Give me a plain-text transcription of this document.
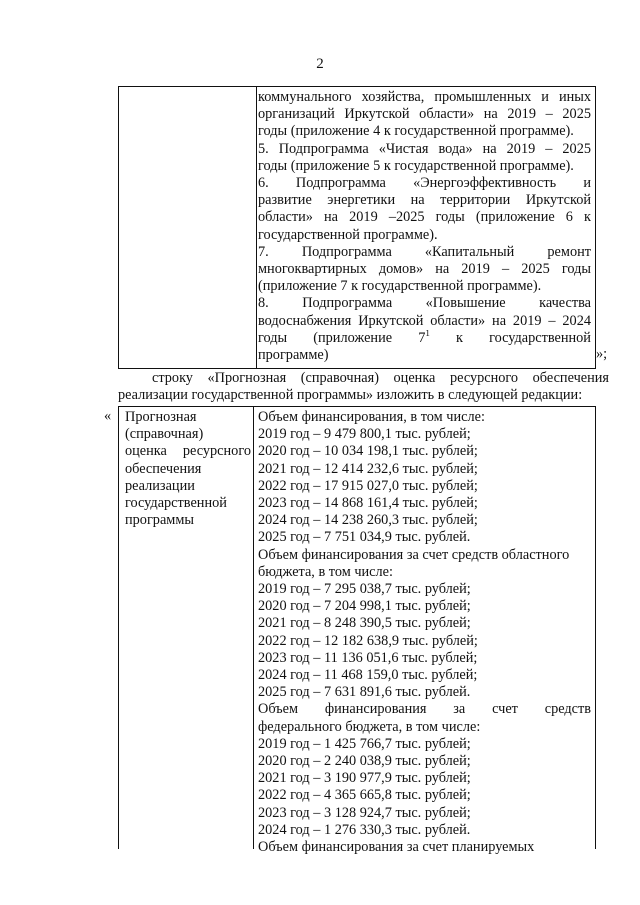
2
коммунального хозяйства, промышленных и иных
организаций Иркутской области» на 2019 – 2025
годы (приложение 4 к государственной программе).
5. Подпрограмма «Чистая вода» на 2019 – 2025
годы (приложение 5 к государственной программе).
6. Подпрограмма «Энергоэффективность и
развитие энергетики на территории Иркутской
области» на 2019 –2025 годы (приложение 6 к
государственной программе).
7. Подпрограмма «Капитальный ремонт
многоквартирных домов» на 2019 – 2025 годы
(приложение 7 к государственной программе).
8. Подпрограмма «Повышение качества
водоснабжения Иркутской области» на 2019 – 2024
годы (приложение $7^1$ к государственной
программе)	»;
строку «Прогнозная (справочная) оценка ресурсного обеспечения
реализации государственной программы» изложить в следующей редакции:
« Прогнозная
(справочная)
оценка ресурсного
обеспечения
реализации
государственной
программы
Объем финансирования, в том числе:
2019 год – 9 479 800,1 тыс. рублей;
2020 год – 10 034 198,1 тыс. рублей;
2021 год – 12 414 232,6 тыс. рублей;
2022 год – 17 915 027,0 тыс. рублей;
2023 год – 14 868 161,4 тыс. рублей;
2024 год – 14 238 260,3 тыс. рублей;
2025 год – 7 751 034,9 тыс. рублей.
Объем финансирования за счет средств областного
бюджета, в том числе:
2019 год – 7 295 038,7 тыс. рублей;
2020 год – 7 204 998,1 тыс. рублей;
2021 год – 8 248 390,5 тыс. рублей;
2022 год – 12 182 638,9 тыс. рублей;
2023 год – 11 136 051,6 тыс. рублей;
2024 год – 11 468 159,0 тыс. рублей;
2025 год – 7 631 891,6 тыс. рублей.
Объем финансирования за счет средств
федерального бюджета, в том числе:
2019 год – 1 425 766,7 тыс. рублей;
2020 год – 2 240 038,9 тыс. рублей;
2021 год – 3 190 977,9 тыс. рублей;
2022 год – 4 365 665,8 тыс. рублей;
2023 год – 3 128 924,7 тыс. рублей;
2024 год – 1 276 330,3 тыс. рублей.
Объем финансирования за счет планируемых
